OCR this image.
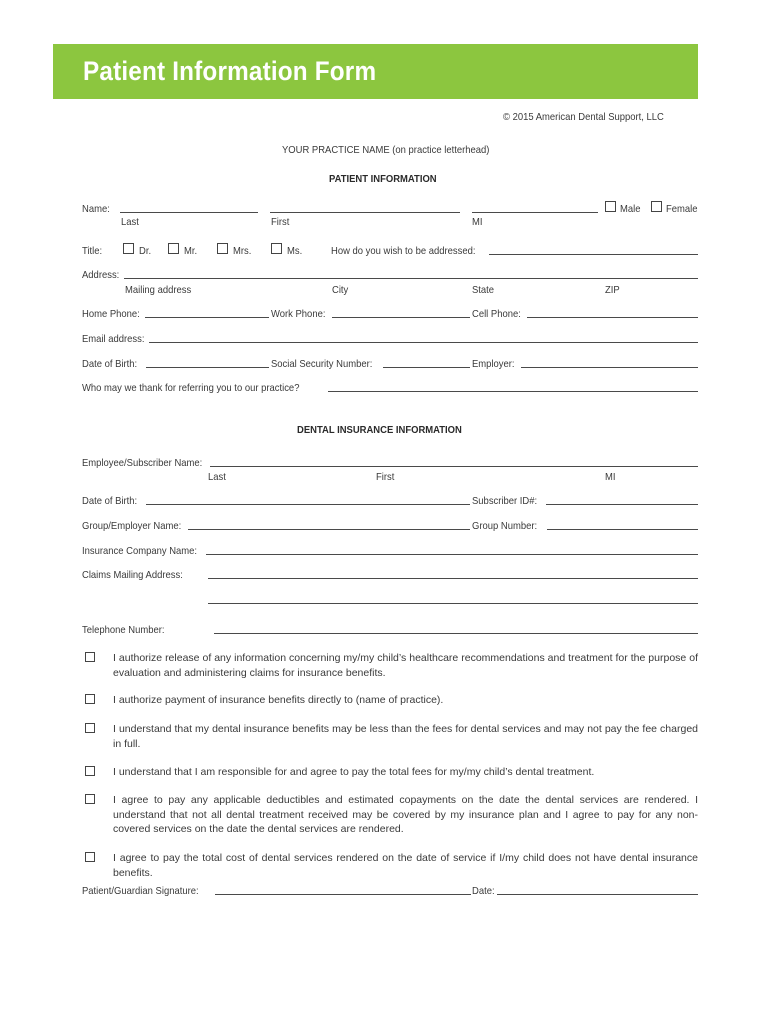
Patient Information Form
© 2015 American Dental Support, LLC
YOUR PRACTICE NAME (on practice letterhead)
PATIENT INFORMATION
Name:	Male Female
Last	First	MI
Title:	Dr.	Mr.	Mrs.	Ms.	How do you wish to be addressed:
Address:
Mailing address	City	State	ZIP
Home Phone:	Work Phone:	Cell Phone:
Email address:
Date of Birth:	Social Security Number:	Employer:
Who may we thank for referring you to our practice?
DENTAL INSURANCE INFORMATION
Employee/Subscriber Name:
Last	First	MI
Date of Birth:	Subscriber ID#:
Group/Employer Name:	Group Number:
Insurance Company Name:
Claims Mailing Address:
Telephone Number:
I authorize release of any information concerning my/my child’s healthcare recommendations and treatment for the purpose of evaluation and administering claims for insurance benefits.
I authorize payment of insurance benefits directly to (name of practice).
I understand that my dental insurance benefits may be less than the fees for dental services and may not pay the fee charged in full.
I understand that I am responsible for and agree to pay the total fees for my/my child’s dental treatment.
I agree to pay any applicable deductibles and estimated copayments on the date the dental services are rendered. I understand that not all dental treatment received may be covered by my insurance plan and I agree to pay for any non-covered services on the date the dental services are rendered.
I agree to pay the total cost of dental services rendered on the date of service if I/my child does not have dental insurance benefits.
Patient/Guardian Signature:	Date:
